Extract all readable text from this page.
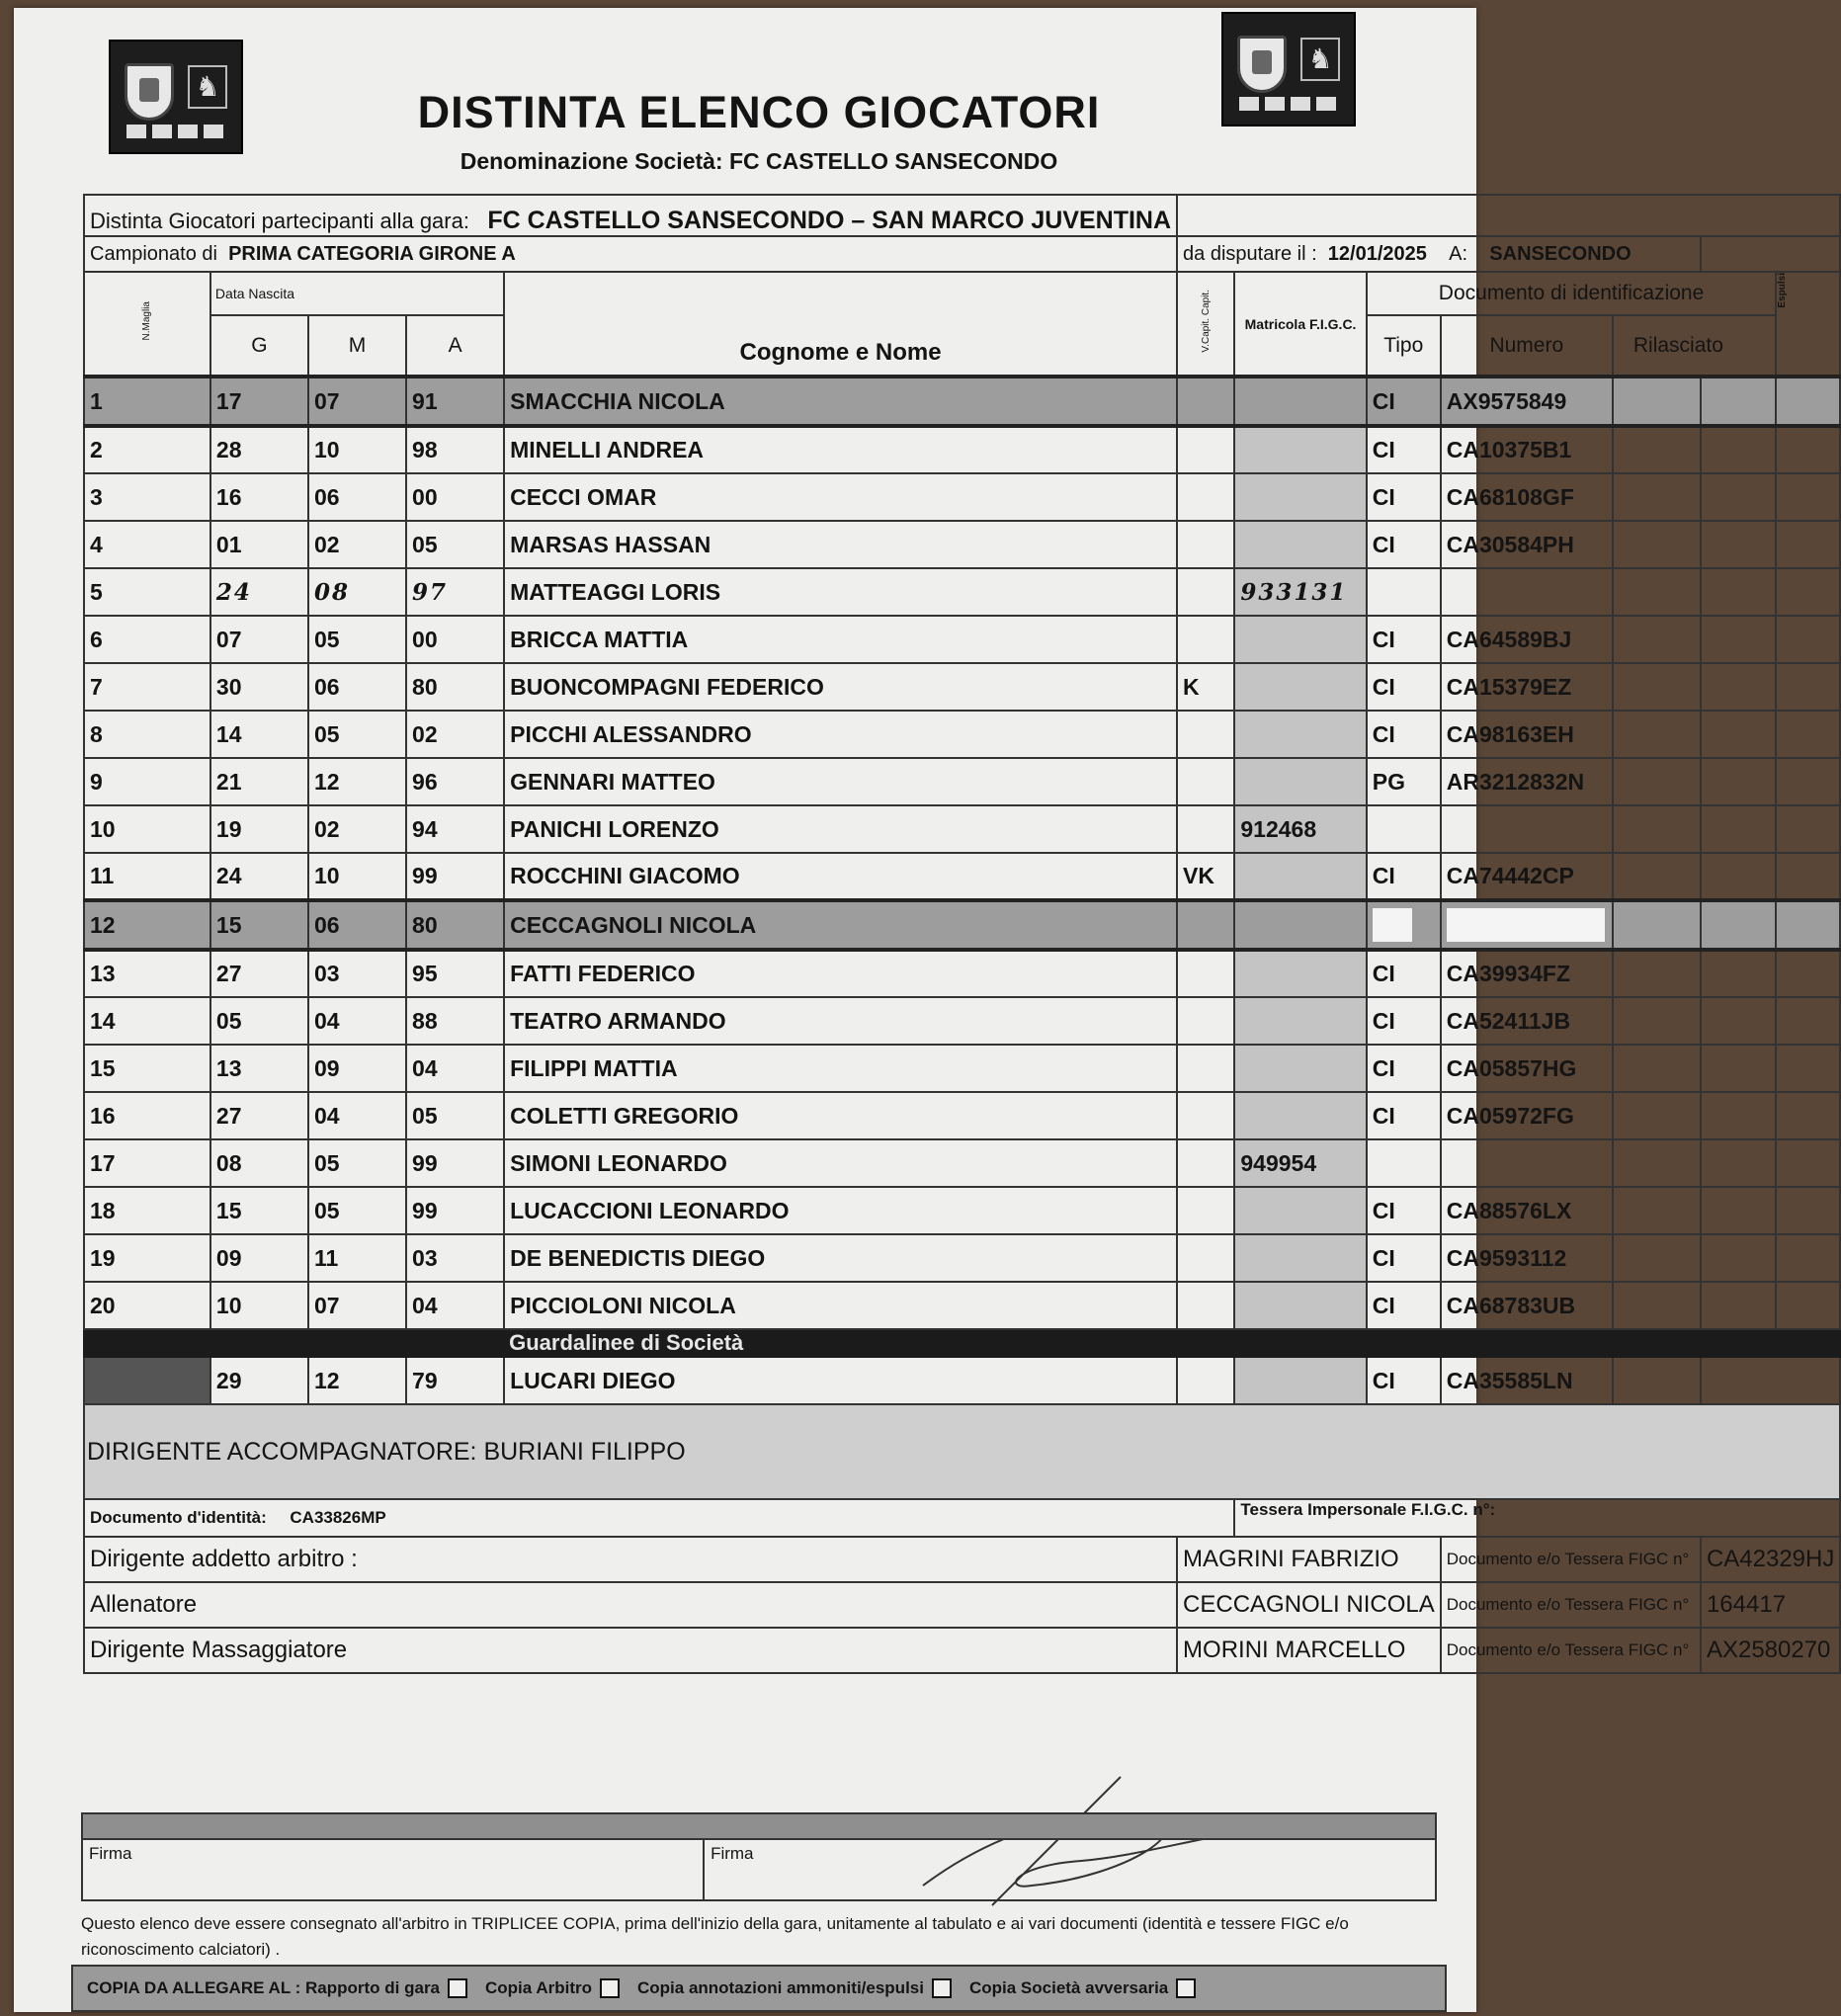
♞
♞
DISTINTA ELENCO GIOCATORI
Denominazione Società: FC CASTELLO SANSECONDO
Distinta Giocatori partecipanti alla gara: FC CASTELLO SANSECONDO – SAN MARCO JUVENTINA											
Campionato di PRIMA CATEGORIA GIRONE A					da disputare il : 12/01/2025 A: SANSECONDO						
N.Maglia	Data Nascita			Cognome e Nome	V.Capit. Capit.	Matricola F.I.G.C.	Documento di identificazione				Espulsi
	G	M	A				Tipo	Numero	Rilasciato		
1	17	07	91	SMACCHIA NICOLA			CI	AX9575849			
2	28	10	98	MINELLI ANDREA			CI	CA10375B1			
3	16	06	00	CECCI OMAR			CI	CA68108GF			
4	01	02	05	MARSAS HASSAN			CI	CA30584PH			
5	24	08	97	MATTEAGGI LORIS		933131					
6	07	05	00	BRICCA MATTIA			CI	CA64589BJ			
7	30	06	80	BUONCOMPAGNI FEDERICO	K		CI	CA15379EZ			
8	14	05	02	PICCHI ALESSANDRO			CI	CA98163EH			
9	21	12	96	GENNARI MATTEO			PG	AR3212832N			
10	19	02	94	PANICHI LORENZO		912468					
11	24	10	99	ROCCHINI GIACOMO	VK		CI	CA74442CP			
12	15	06	80	CECCAGNOLI NICOLA							
13	27	03	95	FATTI FEDERICO			CI	CA39934FZ			
14	05	04	88	TEATRO ARMANDO			CI	CA52411JB			
15	13	09	04	FILIPPI MATTIA			CI	CA05857HG			
16	27	04	05	COLETTI GREGORIO			CI	CA05972FG			
17	08	05	99	SIMONI LEONARDO		949954					
18	15	05	99	LUCACCIONI LEONARDO			CI	CA88576LX			
19	09	11	03	DE BENEDICTIS DIEGO			CI	CA9593112			
20	10	07	04	PICCIOLONI NICOLA			CI	CA68783UB			
				Guardalinee di Società							
	29	12	79	LUCARI DIEGO			CI	CA35585LN			
DIRIGENTE ACCOMPAGNATORE: BURIANI FILIPPO											
Documento d'identità: CA33826MP						Tessera Impersonale F.I.G.C. n°:					
Dirigente addetto arbitro :					MAGRINI FABRIZIO			Documento e/o Tessera FIGC n°		CA42329HJ	
Allenatore					CECCAGNOLI NICOLA			Documento e/o Tessera FIGC n°		164417	
Dirigente Massaggiatore					MORINI MARCELLO			Documento e/o Tessera FIGC n°		AX2580270	

Firma	Firma
Questo elenco deve essere consegnato all'arbitro in TRIPLICEE COPIA, prima dell'inizio della gara, unitamente al tabulato e ai vari documenti (identità e tessere FIGC e/o riconoscimento calciatori) .
COPIA DA ALLEGARE AL : Rapporto di gara	Copia Arbitro	Copia annotazioni ammoniti/espulsi	Copia Società avversaria
